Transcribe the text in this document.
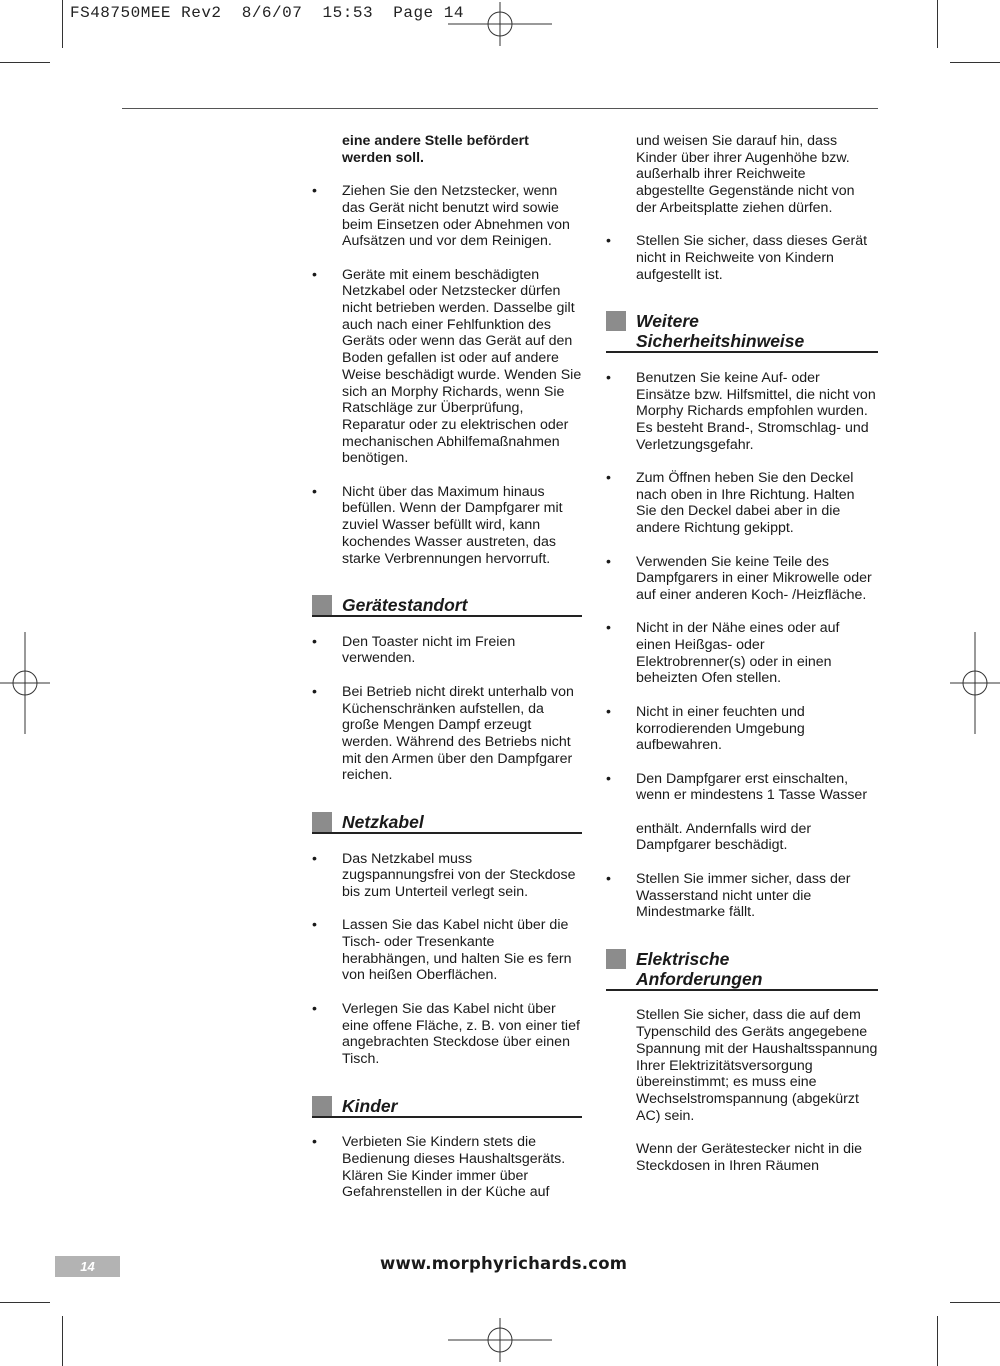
FS48750MEE Rev2  8/6/07  15:53  Page 14

eine andere Stelle befördert werden soll.

• Ziehen Sie den Netzstecker, wenn das Gerät nicht benutzt wird sowie beim Einsetzen oder Abnehmen von Aufsätzen und vor dem Reinigen.
• Geräte mit einem beschädigten Netzkabel oder Netzstecker dürfen nicht betrieben werden. Dasselbe gilt auch nach einer Fehlfunktion des Geräts oder wenn das Gerät auf den Boden gefallen ist oder auf andere Weise beschädigt wurde. Wenden Sie sich an Morphy Richards, wenn Sie Ratschläge zur Überprüfung, Reparatur oder zu elektrischen oder mechanischen Abhilfemaßnahmen benötigen.
• Nicht über das Maximum hinaus befüllen. Wenn der Dampfgarer mit zuviel Wasser befüllt wird, kann kochendes Wasser austreten, das starke Verbrennungen hervorruft.
Gerätestandort
• Den Toaster nicht im Freien verwenden.
• Bei Betrieb nicht direkt unterhalb von Küchenschränken aufstellen, da große Mengen Dampf erzeugt werden. Während des Betriebs nicht mit den Armen über den Dampfgarer reichen.
Netzkabel
• Das Netzkabel muss zugspannungsfrei von der Steckdose bis zum Unterteil verlegt sein.
• Lassen Sie das Kabel nicht über die Tisch- oder Tresenkante herabhängen, und halten Sie es fern von heißen Oberflächen.
• Verlegen Sie das Kabel nicht über eine offene Fläche, z. B. von einer tief angebrachten Steckdose über einen Tisch.
Kinder
• Verbieten Sie Kindern stets die Bedienung dieses Haushaltsgeräts. Klären Sie Kinder immer über Gefahrenstellen in der Küche auf

und weisen Sie darauf hin, dass Kinder über ihrer Augenhöhe bzw. außerhalb ihrer Reichweite abgestellte Gegenstände nicht von der Arbeitsplatte ziehen dürfen.

• Stellen Sie sicher, dass dieses Gerät nicht in Reichweite von Kindern aufgestellt ist.
Weitere
Sicherheitshinweise
• Benutzen Sie keine Auf- oder Einsätze bzw. Hilfsmittel, die nicht von Morphy Richards empfohlen wurden. Es besteht Brand-, Stromschlag- und Verletzungsgefahr.
• Zum Öffnen heben Sie den Deckel nach oben in Ihre Richtung. Halten Sie den Deckel dabei aber in die andere Richtung gekippt.
• Verwenden Sie keine Teile des Dampfgarers in einer Mikrowelle oder auf einer anderen Koch- /Heizfläche.
• Nicht in der Nähe eines oder auf einen Heißgas- oder Elektrobrenner(s) oder in einen beheizten Ofen stellen.
• Nicht in einer feuchten und korrodierenden Umgebung aufbewahren.
• Den Dampfgarer erst einschalten, wenn er mindestens 1 Tasse Wasser

enthält. Andernfalls wird der Dampfgarer beschädigt.

• Stellen Sie immer sicher, dass der Wasserstand nicht unter die Mindestmarke fällt.
Elektrische
Anforderungen

Stellen Sie sicher, dass die auf dem Typenschild des Geräts angegebene Spannung mit der Haushaltsspannung Ihrer Elektrizitätsversorgung übereinstimmt; es muss eine Wechselstromspannung (abgekürzt AC) sein.

Wenn der Gerätestecker nicht in die Steckdosen in Ihren Räumen

14	www.morphyrichards.com
